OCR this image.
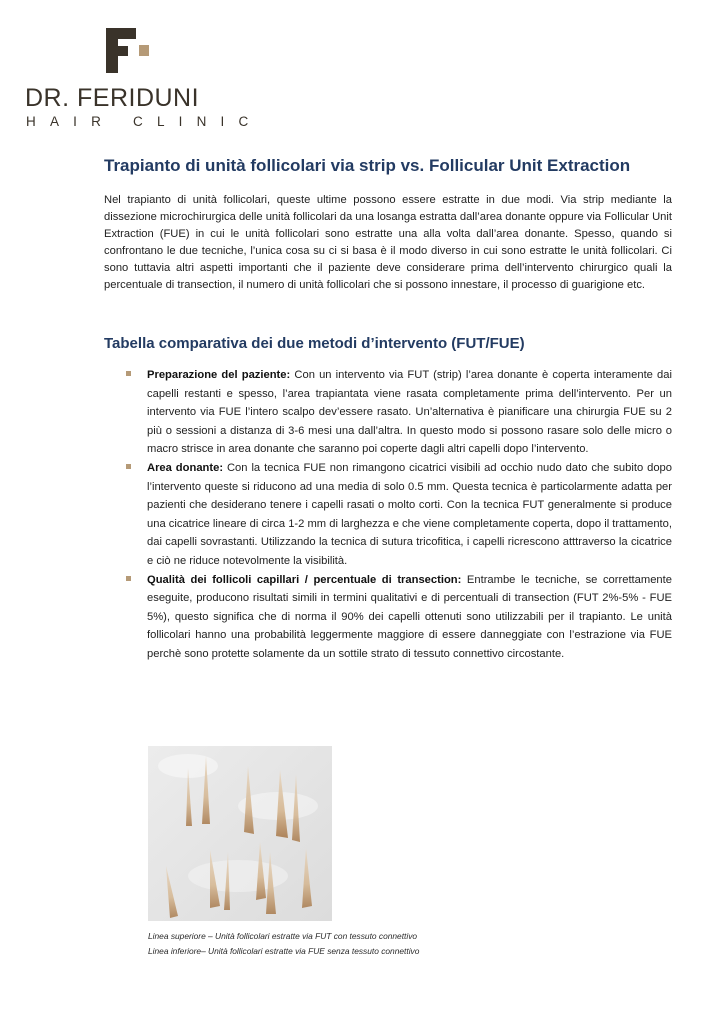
DR. FERIDUNI
HAIR CLINIC
Trapianto di unità follicolari via strip vs. Follicular Unit Extraction

Nel trapianto di unità follicolari, queste ultime possono essere estratte in due modi. Via strip mediante la dissezione microchirurgica delle unità follicolari da una losanga estratta dall’area donante oppure via Follicular Unit Extraction (FUE) in cui le unità follicolari sono estratte una alla volta dall’area donante. Spesso, quando si confrontano le due tecniche, l’unica cosa su ci si basa è il modo diverso in cui sono estratte le unità follicolari. Ci sono tuttavia altri aspetti importanti che il paziente deve considerare prima dell’intervento chirurgico quali la percentuale di transection, il numero di unità follicolari che si possono innestare, il processo di guarigione etc.

Tabella comparativa dei due metodi d’intervento (FUT/FUE)
Preparazione del paziente: Con un intervento via FUT (strip) l’area donante è coperta interamente dai capelli restanti e spesso, l’area trapiantata viene rasata completamente prima dell’intervento. Per un intervento via FUE l’intero scalpo dev’essere rasato. Un’alternativa è pianificare una chirurgia FUE su 2 più o sessioni a distanza di 3-6 mesi una dall’altra. In questo modo si possono rasare solo delle micro o macro strisce in area donante che saranno poi coperte dagli altri capelli dopo l’intervento.
Area donante: Con la tecnica FUE non rimangono cicatrici visibili ad occhio nudo dato che subito dopo l’intervento queste si riducono ad una media di solo 0.5 mm. Questa tecnica è particolarmente adatta per pazienti che desiderano tenere i capelli rasati o molto corti. Con la tecnica FUT generalmente si produce una cicatrice lineare di circa 1-2 mm di larghezza e che viene completamente coperta, dopo il trattamento, dai capelli sovrastanti. Utilizzando la tecnica di sutura tricofitica, i capelli ricrescono atttraverso la cicatrice e ciò ne riduce notevolmente la visibilità.
Qualità dei follicoli capillari / percentuale di transection: Entrambe le tecniche, se correttamente eseguite, producono risultati simili in termini qualitativi e di percentuali di transection (FUT 2%-5% - FUE 5%), questo significa che di norma il 90% dei capelli ottenuti sono utilizzabili per il trapianto. Le unità follicolari hanno una probabilità leggermente maggiore di essere danneggiate con l’estrazione via FUE perchè sono protette solamente da un sottile strato di tessuto connettivo circostante.
Linea superiore – Unità follicolari estratte via FUT con tessuto connettivo
Linea inferiore– Unità follicolari estratte via FUE senza tessuto connettivo
